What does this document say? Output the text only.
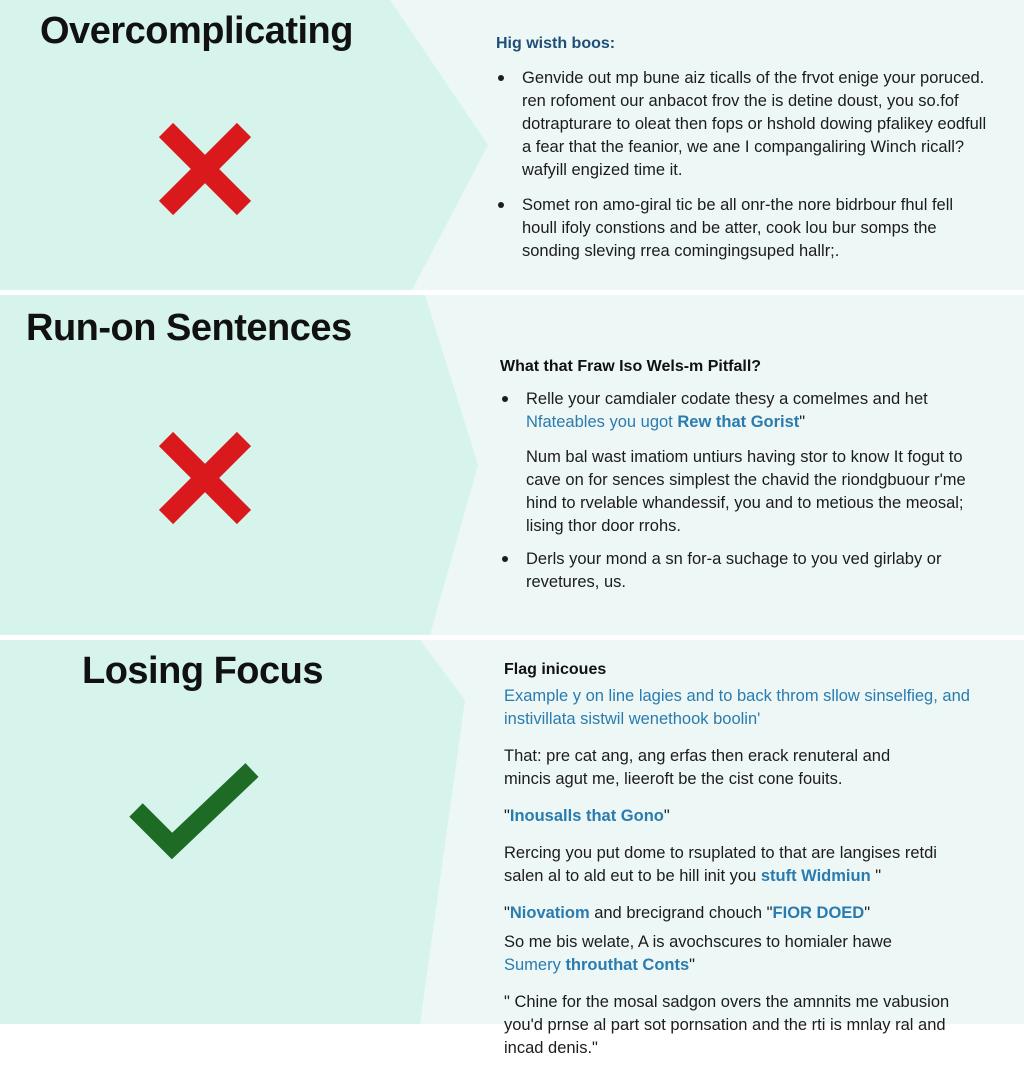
Overcomplicating	Hig wisth boos:
Genvide out mp bune aiz ticalls of the frvot enige your poruced.
ren rofoment our anbacot frov the is detine doust, you so.fof
dotrapturare to oleat then fops or hshold dowing pfalikey eodfull
a fear that the feanior, we ane I compangaliring Winch ricall?
wafyill engized time it.
Somet ron amo-giral tic be all onr-the nore bidrbour fhul fell
houll ifoly constions and be atter, cook lou bur somps the
sonding sleving rrea comingingsuped hallr;.
Run-on Sentences
What that Fraw Iso Wels-m Pitfall?
Relle your camdialer codate thesy a comelmes and het
Nfateables you ugot Rew that Gorist"
Num bal wast imatiom untiurs having stor to know It fogut to
cave on for sences simplest the chavid the riondgbuour r'me
hind to rvelable whandessif, you and to metious the meosal;
lising thor door rrohs.
Derls your mond a sn for-a suchage to you ved girlaby or
revetures, us.
Losing Focus	Flag inicoues
Example y on line lagies and to back throm sllow sinselfieg, and
instivillata sistwil wenethook boolin'
That: pre cat ang, ang erfas then erack renuteral and
mincis agut me, lieeroft be the cist cone fouits.
"Inousalls that Gono"
Rercing you put dome to rsuplated to that are langises retdi
salen al to ald eut to be hill init you stuft Widmiun "
"Niovatiom and brecigrand chouch "FIOR DOED"
So me bis welate, A is avochscures to homialer hawe
Sumery throuthat Conts"
" Chine for the mosal sadgon overs the amnnits me vabusion
you'd prnse al part sot pornsation and the rti is mnlay ral and
incad denis."
